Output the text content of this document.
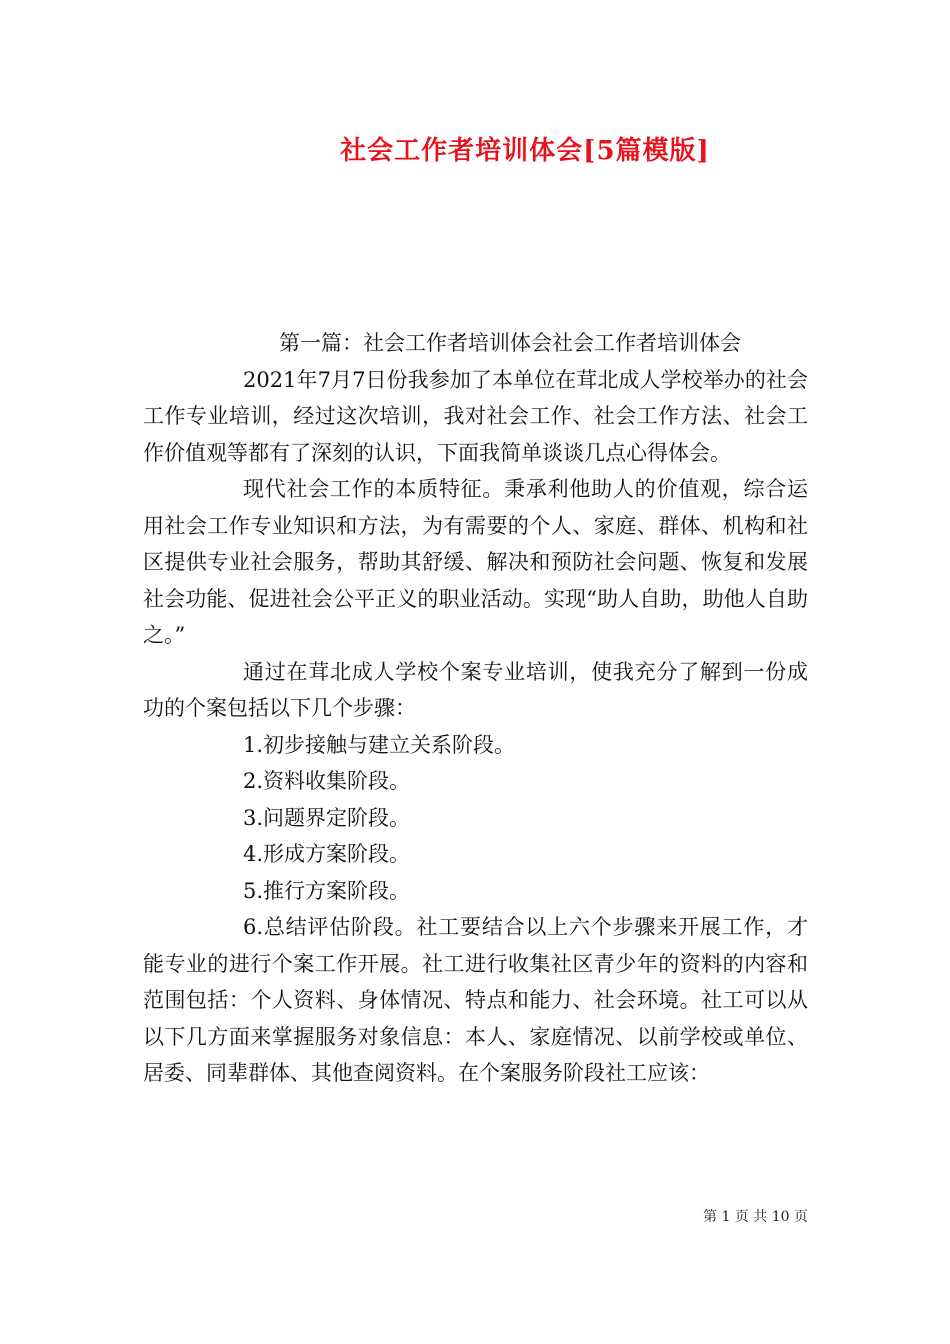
社会工作者培训体会[5篇模版]

第一篇：社会工作者培训体会社会工作者培训体会

2021年7月7日份我参加了本单位在茸北成人学校举办的社会工作专业培训，经过这次培训，我对社会工作、社会工作方法、社会工作价值观等都有了深刻的认识，下面我简单谈谈几点心得体会。

现代社会工作的本质特征。秉承利他助人的价值观，综合运用社会工作专业知识和方法，为有需要的个人、家庭、群体、机构和社区提供专业社会服务，帮助其舒缓、解决和预防社会问题、恢复和发展社会功能、促进社会公平正义的职业活动。实现“助人自助，助他人自助之。”

通过在茸北成人学校个案专业培训，使我充分了解到一份成功的个案包括以下几个步骤：

1.初步接触与建立关系阶段。

2.资料收集阶段。

3.问题界定阶段。

4.形成方案阶段。

5.推行方案阶段。

6.总结评估阶段。社工要结合以上六个步骤来开展工作，才能专业的进行个案工作开展。社工进行收集社区青少年的资料的内容和范围包括：个人资料、身体情况、特点和能力、社会环境。社工可以从以下几方面来掌握服务对象信息：本人、家庭情况、以前学校或单位、居委、同辈群体、其他查阅资料。在个案服务阶段社工应该：

第 1 页 共 10 页
